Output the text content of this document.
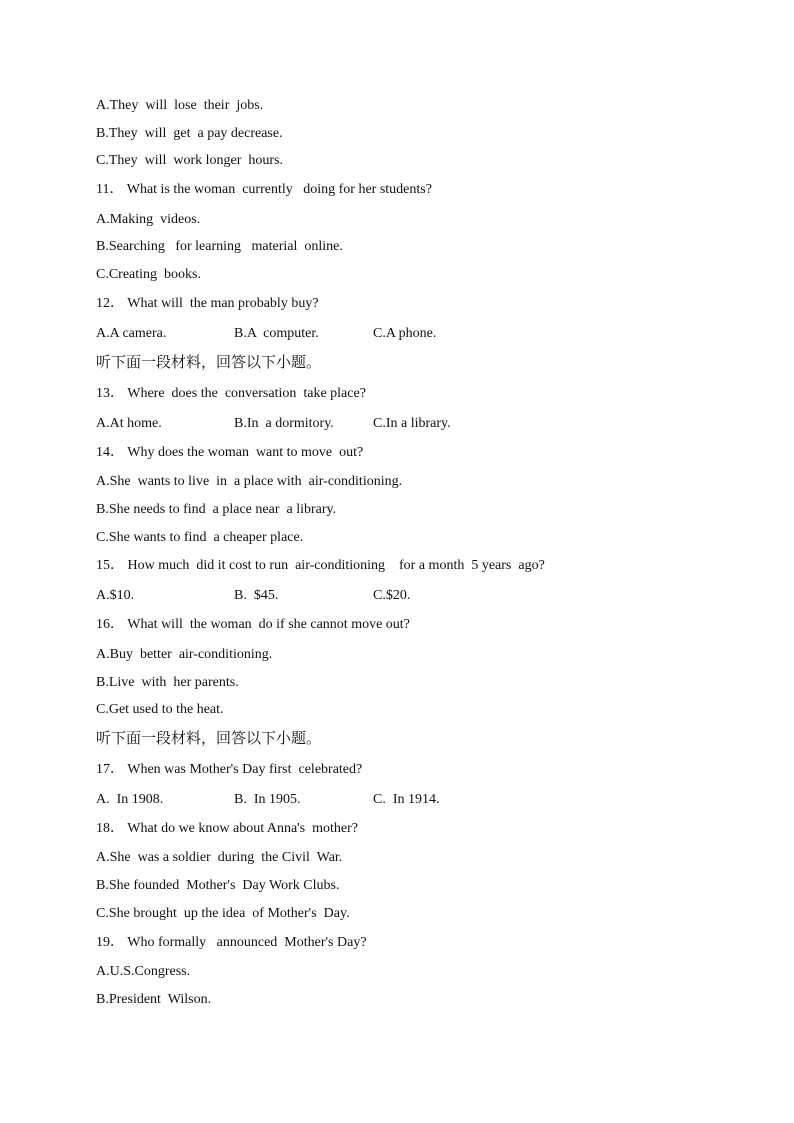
A.They  will  lose  their  jobs.
B.They  will  get  a pay decrease.
C.They  will  work longer  hours.
11． What is the woman  currently   doing for her students?
A.Making  videos.
B.Searching   for learning   material  online.
C.Creating  books.
12． What will  the man probably buy?
A.A camera.	B.A  computer.	C.A phone.
听下面一段材料，回答以下小题。
13． Where  does the  conversation  take place?
A.At home.	B.In  a dormitory.	C.In a library.
14． Why does the woman  want to move  out?
A.She  wants to live  in  a place with  air-conditioning.
B.She needs to find  a place near  a library.
C.She wants to find  a cheaper place.
15． How much  did it cost to run  air-conditioning    for a month  5 years  ago?
A.$10.	B.  $45.	C.$20.
16． What will  the woman  do if she cannot move out?
A.Buy  better  air-conditioning.
B.Live  with  her parents.
C.Get used to the heat.
听下面一段材料，回答以下小题。
17． When was Mother's Day first  celebrated?
A.  In 1908.	B.  In 1905.	C.  In 1914.
18． What do we know about Anna's  mother?
A.She  was a soldier  during  the Civil  War.
B.She founded  Mother's  Day Work Clubs.
C.She brought  up the idea  of Mother's  Day.
19． Who formally   announced  Mother's Day?
A.U.S.Congress.
B.President  Wilson.
